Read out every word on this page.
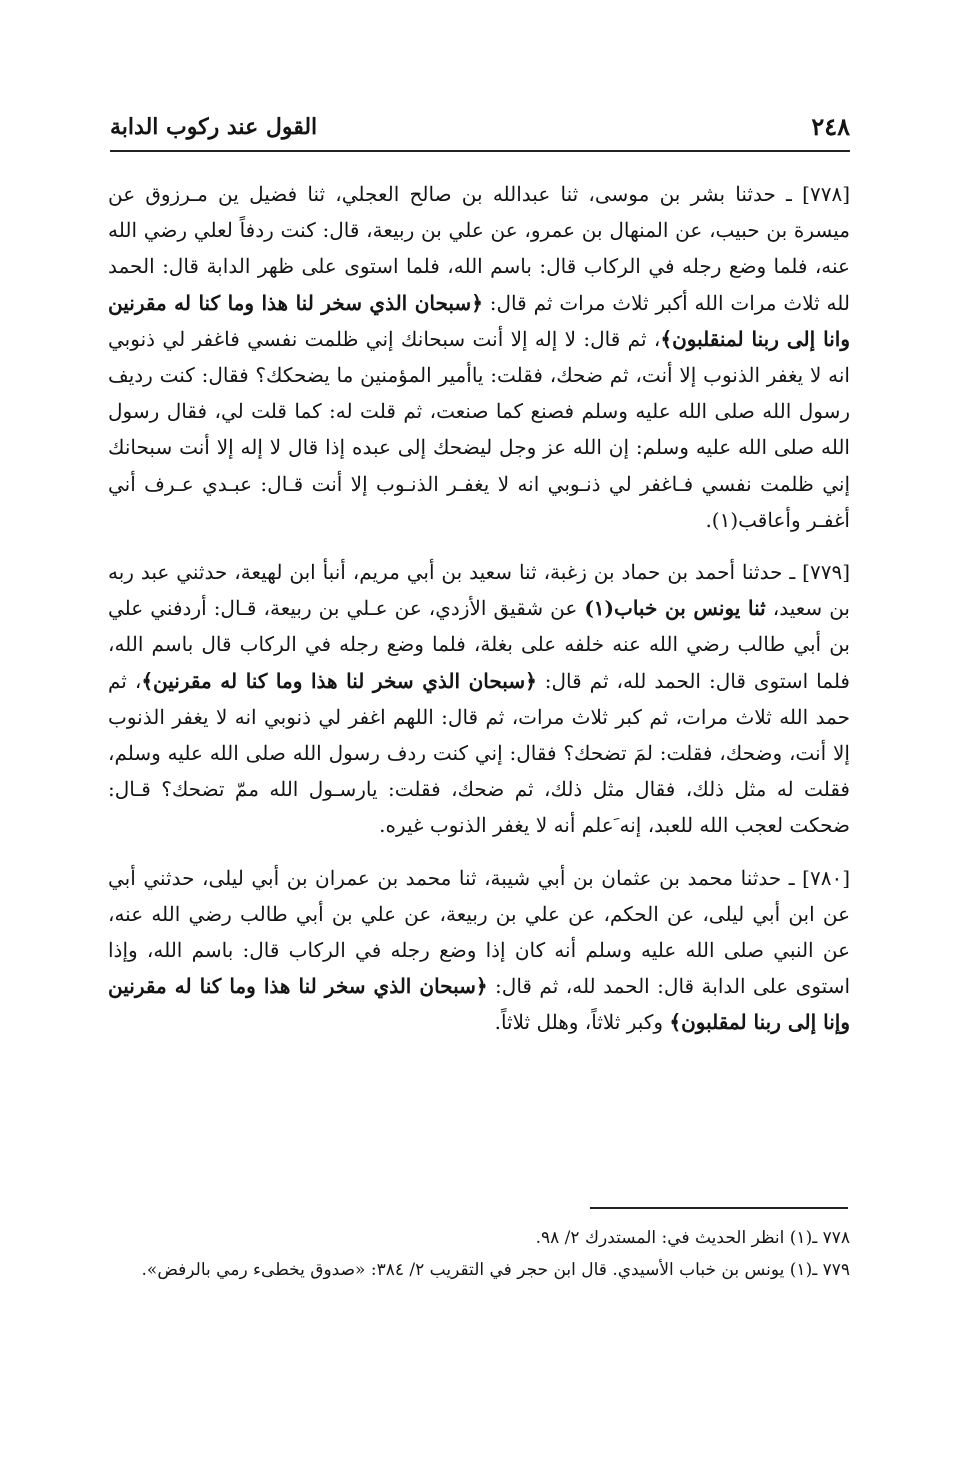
٢٤٨
القول عند ركوب الدابة

[٧٧٨] ـ حدثنا بشر بن موسى، ثنا عبدالله بن صالح العجلي، ثنا فضيل ين مـرزوق عن ميسرة بن حبيب، عن المنهال بن عمرو، عن علي بن ربيعة، قال: كنت ردفاً لعلي رضي الله عنه، فلما وضع رجله في الركاب قال: باسم الله، فلما استوى على ظهر الدابة قال: الحمد لله ثلاث مرات الله أكبر ثلاث مرات ثم قال: ﴿سبحان الذي سخر لنا هذا وما كنا له مقرنين وانا إلى ربنا لمنقلبون﴾، ثم قال: لا إله إلا أنت سبحانك إني ظلمت نفسي فاغفر لي ذنوبي انه لا يغفر الذنوب إلا أنت، ثم ضحك، فقلت: ياأمير المؤمنين ما يضحكك؟ فقال: كنت رديف رسول الله صلى الله عليه وسلم فصنع كما صنعت، ثم قلت له: كما قلت لي، فقال رسول الله صلى الله عليه وسلم: إن الله عز وجل ليضحك إلى عبده إذا قال لا إله إلا أنت سبحانك إني ظلمت نفسي فـاغفر لي ذنـوبي انه لا يغفـر الذنـوب إلا أنت قـال: عبـدي عـرف أني أغفـر وأعاقب(١).

[٧٧٩] ـ حدثنا أحمد بن حماد بن زغبة، ثنا سعيد بن أبي مريم، أنبأ ابن لهيعة، حدثني عبد ربه بن سعيد، ثنا يونس بن خباب(١) عن شقيق الأزدي، عن عـلي بن ربيعة، قـال: أردفني علي بن أبي طالب رضي الله عنه خلفه على بغلة، فلما وضع رجله في الركاب قال باسم الله، فلما استوى قال: الحمد لله، ثم قال: ﴿سبحان الذي سخر لنا هذا وما كنا له مقرنين﴾، ثم حمد الله ثلاث مرات، ثم كبر ثلاث مرات، ثم قال: اللهم اغفر لي ذنوبي انه لا يغفر الذنوب إلا أنت، وضحك، فقلت: لمَ تضحك؟ فقال: إني كنت ردف رسول الله صلى الله عليه وسلم، فقلت له مثل ذلك، فقال مثل ذلك، ثم ضحك، فقلت: يارسـول الله ممّ تضحك؟ قـال: ضحكت لعجب الله للعبد، إنه َعلم أنه لا يغفر الذنوب غيره.

[٧٨٠] ـ حدثنا محمد بن عثمان بن أبي شيبة، ثنا محمد بن عمران بن أبي ليلى، حدثني أبي عن ابن أبي ليلى، عن الحكم، عن علي بن ربيعة، عن علي بن أبي طالب رضي الله عنه، عن النبي صلى الله عليه وسلم أنه كان إذا وضع رجله في الركاب قال: باسم الله، وإذا استوى على الدابة قال: الحمد لله، ثم قال: ﴿سبحان الذي سخر لنا هذا وما كنا له مقرنين وإنا إلى ربنا لمقلبون﴾ وكبر ثلاثاً، وهلل ثلاثاً.

٧٧٨ ـ(١) انظر الحديث في: المستدرك ٢/ ٩٨.

٧٧٩ ـ(١) يونس بن خباب الأسيدي. قال ابن حجر في التقريب ٢/ ٣٨٤: «صدوق يخطىء رمي بالرفض».
